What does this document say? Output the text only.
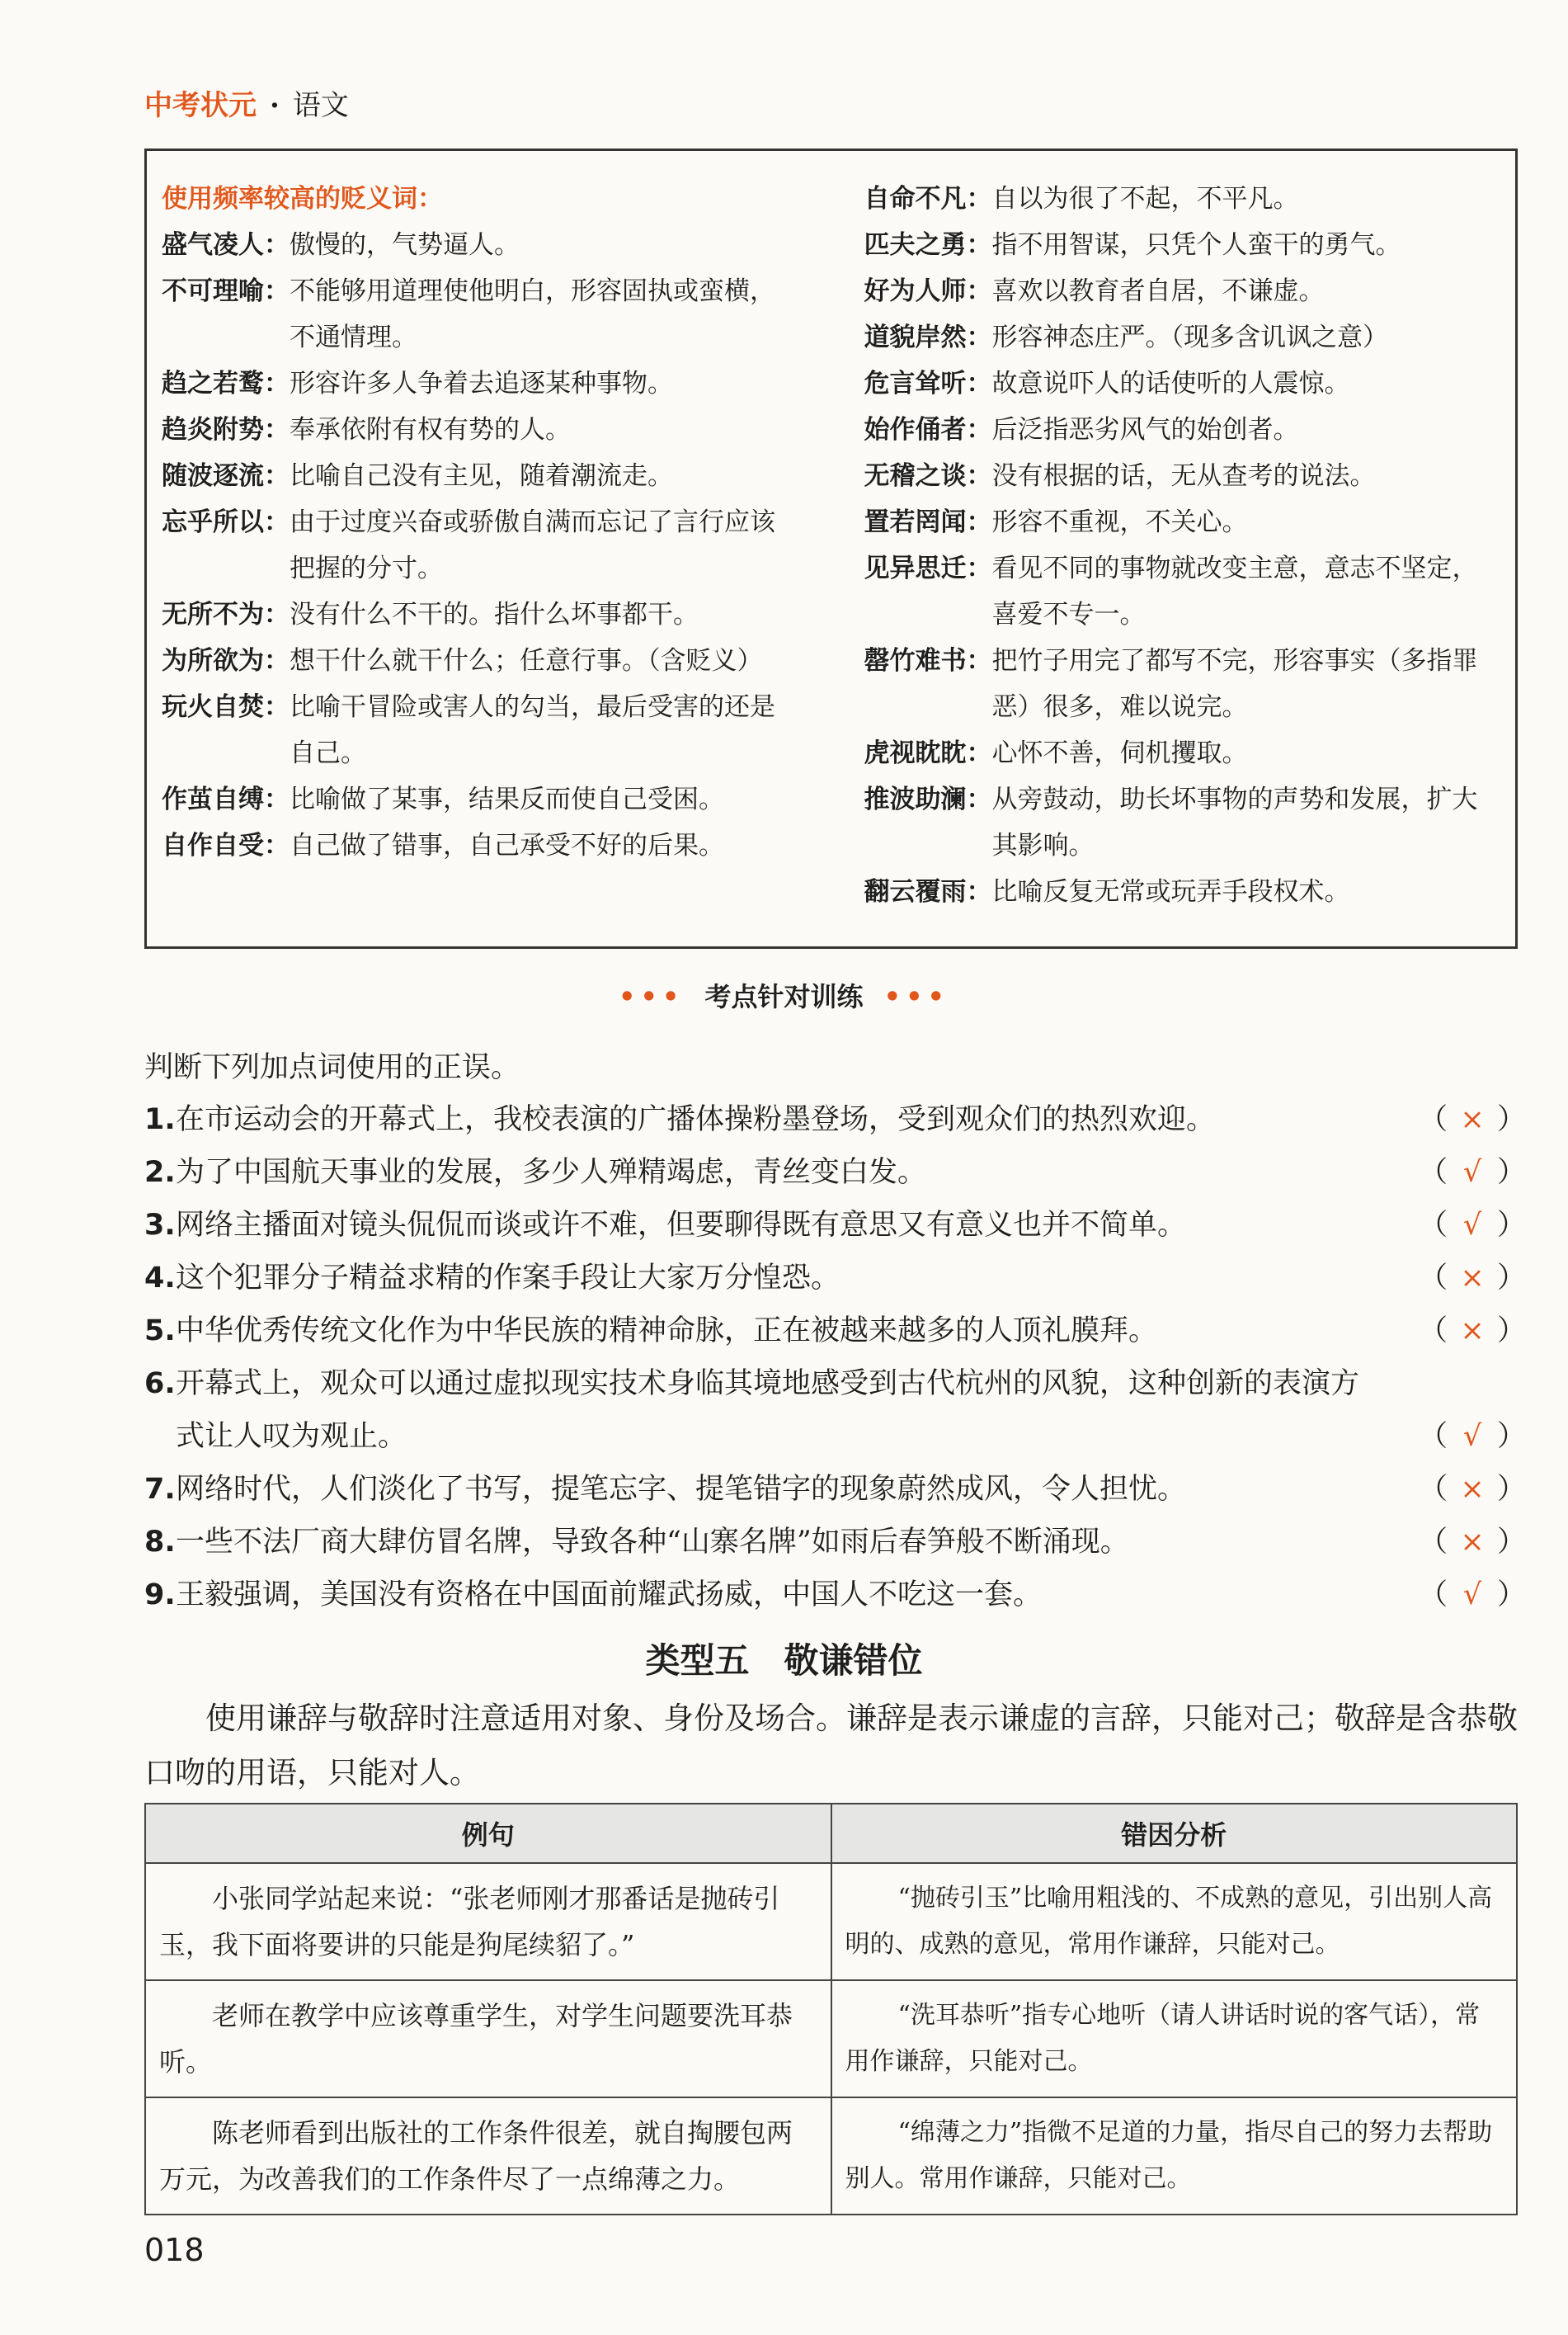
中考状元 · 语文
使用频率较高的贬义词：
盛气凌人： 傲慢的，气势逼人。
不可理喻： 不能够用道理使他明白，形容固执或蛮横，不通情理。
趋之若鹜： 形容许多人争着去追逐某种事物。
趋炎附势： 奉承依附有权有势的人。
随波逐流： 比喻自己没有主见，随着潮流走。
忘乎所以： 由于过度兴奋或骄傲自满而忘记了言行应该把握的分寸。
无所不为： 没有什么不干的。指什么坏事都干。
为所欲为： 想干什么就干什么；任意行事。（含贬义）
玩火自焚： 比喻干冒险或害人的勾当，最后受害的还是自己。
作茧自缚： 比喻做了某事，结果反而使自己受困。
自作自受： 自己做了错事，自己承受不好的后果。
自命不凡： 自以为很了不起，不平凡。
匹夫之勇： 指不用智谋，只凭个人蛮干的勇气。
好为人师： 喜欢以教育者自居，不谦虚。
道貌岸然： 形容神态庄严。（现多含讥讽之意）
危言耸听： 故意说吓人的话使听的人震惊。
始作俑者： 后泛指恶劣风气的始创者。
无稽之谈： 没有根据的话，无从查考的说法。
置若罔闻： 形容不重视，不关心。
见异思迁： 看见不同的事物就改变主意，意志不坚定，喜爱不专一。
罄竹难书： 把竹子用完了都写不完，形容事实（多指罪恶）很多，难以说完。
虎视眈眈： 心怀不善，伺机攫取。
推波助澜： 从旁鼓动，助长坏事物的声势和发展，扩大其影响。
翻云覆雨： 比喻反复无常或玩弄手段权术。
••• 考点针对训练 •••
判断下列加点词使用的正误。
1. 在市运动会的开幕式上，我校表演的广播体操粉墨登场，受到观众们的热烈欢迎。	（ × ）
2. 为了中国航天事业的发展，多少人殚精竭虑，青丝变白发。	（ √ ）
3. 网络主播面对镜头侃侃而谈或许不难，但要聊得既有意思又有意义也并不简单。	（ √ ）
4. 这个犯罪分子精益求精的作案手段让大家万分惶恐。	（ × ）
5. 中华优秀传统文化作为中华民族的精神命脉，正在被越来越多的人顶礼膜拜。	（ × ）
6. 开幕式上，观众可以通过虚拟现实技术身临其境地感受到古代杭州的风貌，这种创新的表演方
式让人叹为观止。	（ √ ）
7. 网络时代，人们淡化了书写，提笔忘字、提笔错字的现象蔚然成风，令人担忧。	（ × ）
8. 一些不法厂商大肆仿冒名牌，导致各种“山寨名牌”如雨后春笋般不断涌现。	（ × ）
9. 王毅强调，美国没有资格在中国面前耀武扬威，中国人不吃这一套。	（ √ ）
类型五　敬谦错位
使用谦辞与敬辞时注意适用对象、身份及场合。谦辞是表示谦虚的言辞，只能对己；敬辞是含恭敬口吻的用语，只能对人。
例句	错因分析
小张同学站起来说：“张老师刚才那番话是抛砖引玉，我下面将要讲的只能是狗尾续貂了。”	“抛砖引玉”比喻用粗浅的、不成熟的意见，引出别人高明的、成熟的意见，常用作谦辞，只能对己。
老师在教学中应该尊重学生，对学生问题要洗耳恭听。	“洗耳恭听”指专心地听（请人讲话时说的客气话），常用作谦辞，只能对己。
陈老师看到出版社的工作条件很差，就自掏腰包两万元，为改善我们的工作条件尽了一点绵薄之力。	“绵薄之力”指微不足道的力量，指尽自己的努力去帮助别人。常用作谦辞，只能对己。
018
